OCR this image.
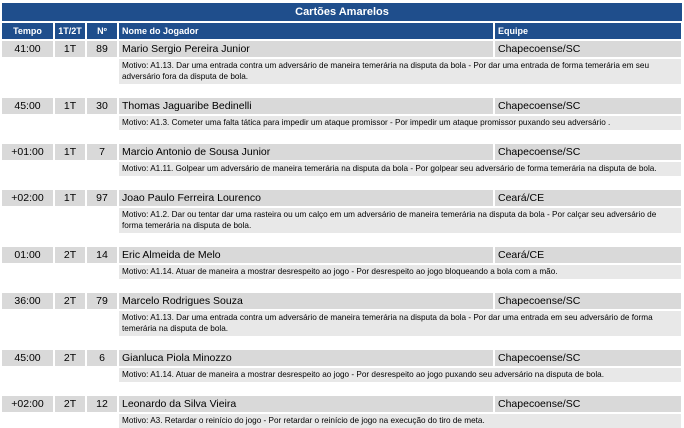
Cartões Amarelos
Tempo	1T/2T	Nº	Nome do Jogador	Equipe
41:00	1T	89	Mario Sergio Pereira Junior	Chapecoense/SC
Motivo: A1.13. Dar uma entrada contra um adversário de maneira temerária na disputa da bola - Por dar uma entrada de forma temerária em seu adversário fora da disputa de bola.
45:00	1T	30	Thomas Jaguaribe Bedinelli	Chapecoense/SC
Motivo: A1.3. Cometer uma falta tática para impedir um ataque promissor - Por impedir um ataque promissor puxando seu adversário .
+01:00	1T	7	Marcio Antonio de Sousa Junior	Chapecoense/SC
Motivo: A1.11. Golpear um adversário de maneira temerária na disputa da bola - Por golpear seu adversário de forma temerária na disputa de bola.
+02:00	1T	97	Joao Paulo Ferreira Lourenco	Ceará/CE
Motivo: A1.2. Dar ou tentar dar uma rasteira ou um calço em um adversário de maneira temerária na disputa da bola - Por calçar seu adversário de forma temerária na disputa de bola.
01:00	2T	14	Eric Almeida de Melo	Ceará/CE
Motivo: A1.14. Atuar de maneira a mostrar desrespeito ao jogo - Por desrespeito ao jogo bloqueando a bola com a mão.
36:00	2T	79	Marcelo Rodrigues Souza	Chapecoense/SC
Motivo: A1.13. Dar uma entrada contra um adversário de maneira temerária na disputa da bola - Por dar uma entrada em seu adversário de forma temerária na disputa de bola.
45:00	2T	6	Gianluca Piola Minozzo	Chapecoense/SC
Motivo: A1.14. Atuar de maneira a mostrar desrespeito ao jogo - Por desrespeito ao jogo puxando seu adversário na disputa de bola.
+02:00	2T	12	Leonardo da Silva Vieira	Chapecoense/SC
Motivo: A3. Retardar o reinício do jogo - Por retardar o reinício de jogo na execução do tiro de meta.
